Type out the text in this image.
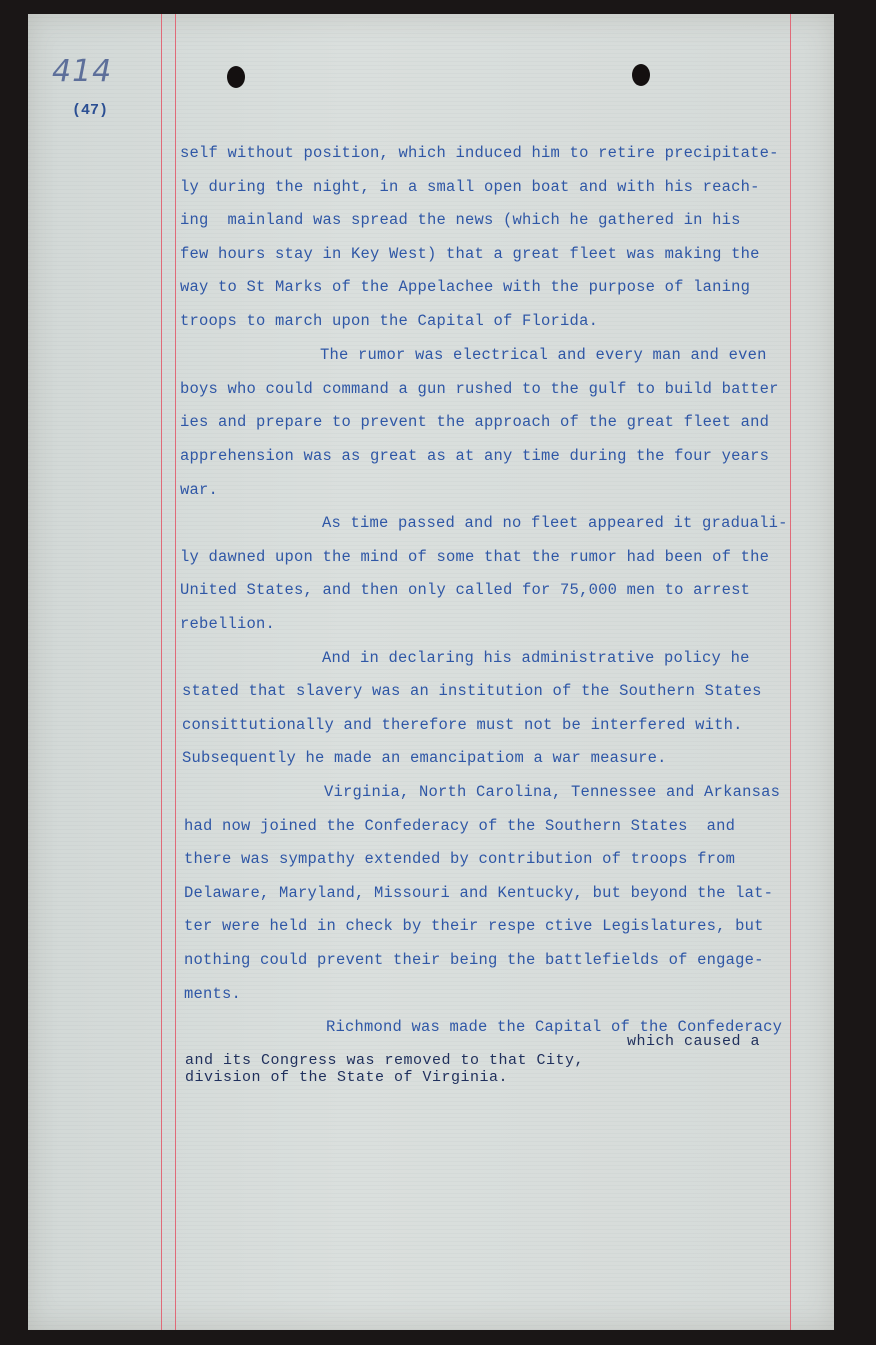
414
(47)
self without position, which induced him to retire precipitate-
ly during the night, in a small open boat and with his reach-
ing  mainland was spread the news (which he gathered in his
few hours stay in Key West) that a great fleet was making the
way to St Marks of the Appelachee with the purpose of laning
troops to march upon the Capital of Florida.
The rumor was electrical and every man and even
boys who could command a gun rushed to the gulf to build batter
ies and prepare to prevent the approach of the great fleet and
apprehension was as great as at any time during the four years
war.
As time passed and no fleet appeared it graduali-
ly dawned upon the mind of some that the rumor had been of the
United States, and then only called for 75,000 men to arrest
rebellion.
And in declaring his administrative policy he
stated that slavery was an institution of the Southern States
consittutionally and therefore must not be interfered with.
Subsequently he made an emancipatiom a war measure.
Virginia, North Carolina, Tennessee and Arkansas
had now joined the Confederacy of the Southern States  and
there was sympathy extended by contribution of troops from
Delaware, Maryland, Missouri and Kentucky, but beyond the lat-
ter were held in check by their respe ctive Legislatures, but
nothing could prevent their being the battlefields of engage-
ments.
Richmond was made the Capital of the Confederacy
which caused a
and its Congress was removed to that City,
division of the State of Virginia.
